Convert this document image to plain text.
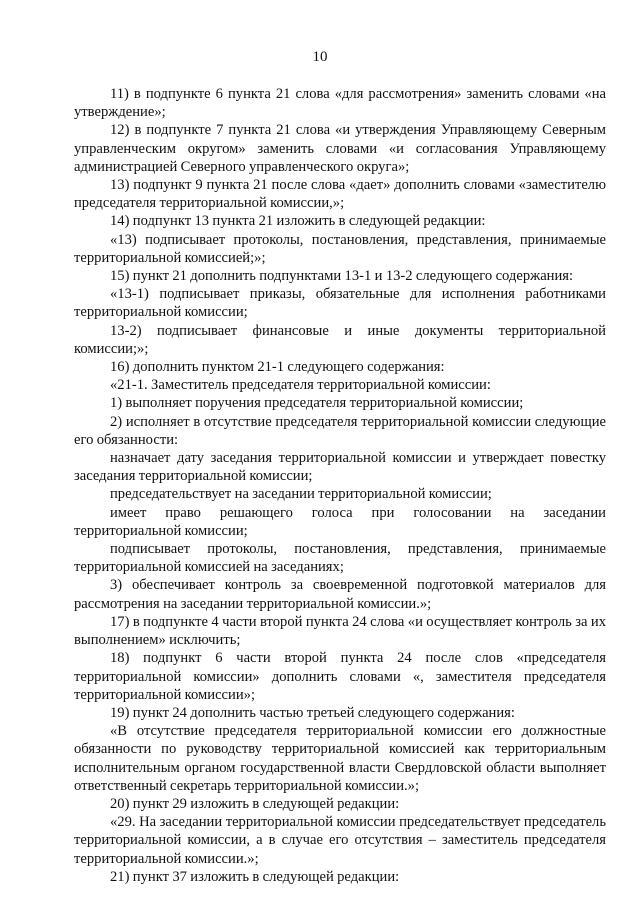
10

11) в подпункте 6 пункта 21 слова «для рассмотрения» заменить словами «на утверждение»;

12) в подпункте 7 пункта 21 слова «и утверждения Управляющему Северным управленческим округом» заменить словами «и согласования Управляющему администрацией Северного управленческого округа»;

13) подпункт 9 пункта 21 после слова «дает» дополнить словами «заместителю председателя территориальной комиссии,»;

14) подпункт 13 пункта 21 изложить в следующей редакции:

«13) подписывает протоколы, постановления, представления, принимаемые территориальной комиссией;»;

15) пункт 21 дополнить подпунктами 13-1 и 13-2 следующего содержания:

«13-1) подписывает приказы, обязательные для исполнения работниками территориальной комиссии;

13-2) подписывает финансовые и иные документы территориальной комиссии;»;

16) дополнить пунктом 21-1 следующего содержания:

«21-1. Заместитель председателя территориальной комиссии:

1) выполняет поручения председателя территориальной комиссии;

2) исполняет в отсутствие председателя территориальной комиссии следующие его обязанности:

назначает дату заседания территориальной комиссии и утверждает повестку заседания территориальной комиссии;

председательствует на заседании территориальной комиссии;

имеет право решающего голоса при голосовании на заседании территориальной комиссии;

подписывает протоколы, постановления, представления, принимаемые территориальной комиссией на заседаниях;

3) обеспечивает контроль за своевременной подготовкой материалов для рассмотрения на заседании территориальной комиссии.»;

17) в подпункте 4 части второй пункта 24 слова «и осуществляет контроль за их выполнением» исключить;

18) подпункт 6 части второй пункта 24 после слов «председателя территориальной комиссии» дополнить словами «, заместителя председателя территориальной комиссии»;

19) пункт 24 дополнить частью третьей следующего содержания:

«В отсутствие председателя территориальной комиссии его должностные обязанности по руководству территориальной комиссией как территориальным исполнительным органом государственной власти Свердловской области выполняет ответственный секретарь территориальной комиссии.»;

20) пункт 29 изложить в следующей редакции:

«29. На заседании территориальной комиссии председательствует председатель территориальной комиссии, а в случае его отсутствия – заместитель председателя территориальной комиссии.»;

21) пункт 37 изложить в следующей редакции:
